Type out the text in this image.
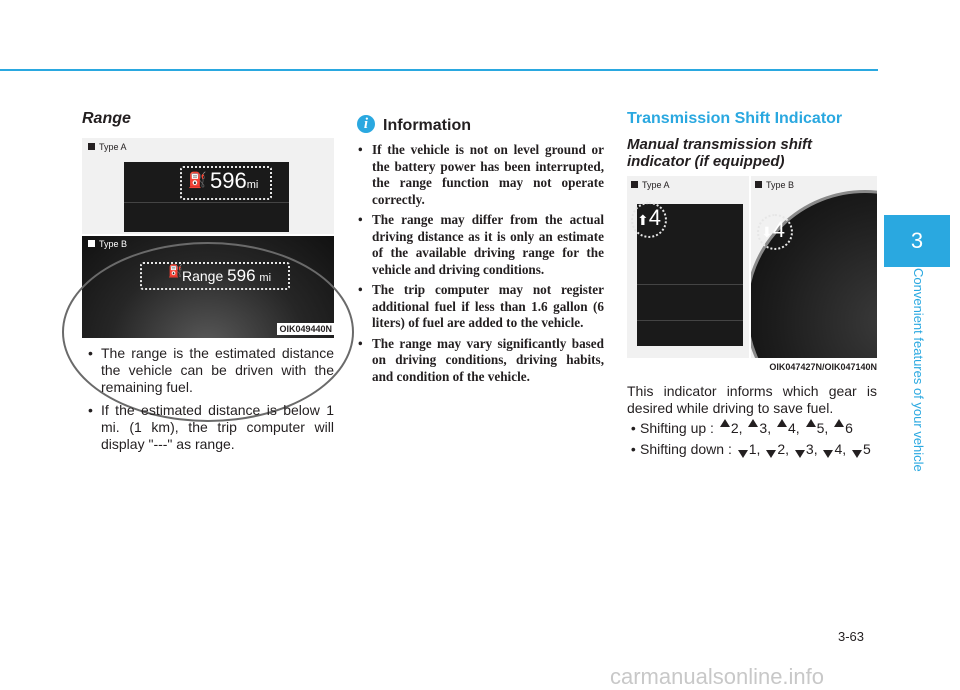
Range
Type A
⛽ 596mi
Type B
⛽ Range 596 mi
OIK049440N
• The range is the estimated distance the vehicle can be driven with the remaining fuel.
• If the estimated distance is below 1 mi. (1 km), the trip computer will display "---" as range.
i Information
• If the vehicle is not on level ground or the battery power has been interrupted, the range function may not operate correctly.
• The range may differ from the actual driving distance as it is only an estimate of the available driving range for the vehicle and driving conditions.
• The trip computer may not register additional fuel if less than 1.6 gallon (6 liters) of fuel are added to the vehicle.
• The range may vary significantly based on driving conditions, driving habits, and condition of the vehicle.
Transmission Shift Indicator
Manual transmission shift indicator (if equipped)
Type A
⬆4
Type B
⬇4
OIK047427N/OIK047140N
This indicator informs which gear is desired while driving to save fuel.
• Shifting up : 2, 3, 4, 5, 6
• Shifting down : 1, 2, 3, 4, 5
3
Convenient features of your vehicle
3-63
carmanualsonline.info
